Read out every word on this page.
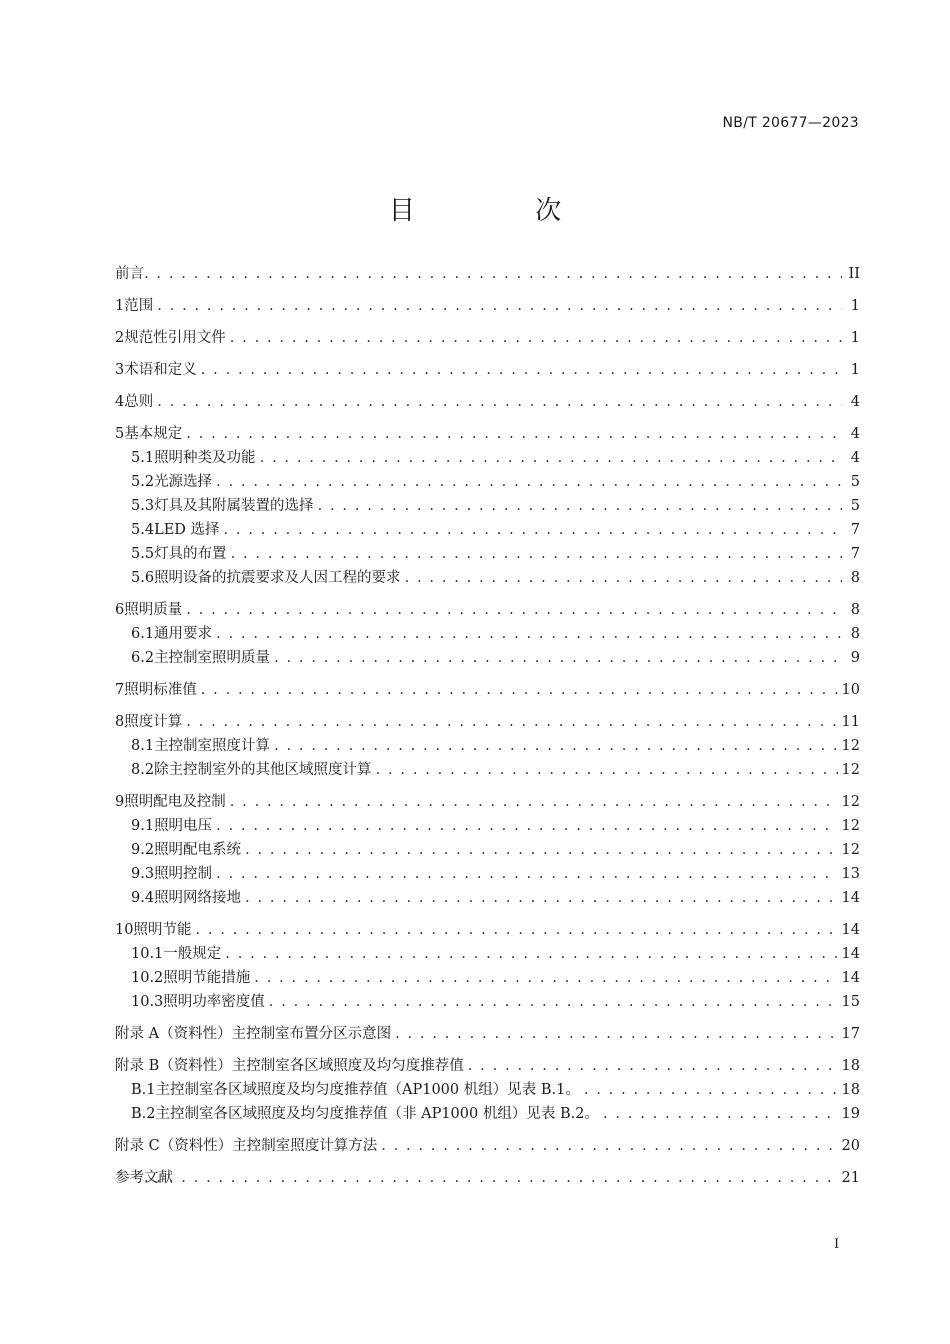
NB/T 20677—2023
目 次
前言 . . .	II
1 范围 . . .	1
2 规范性引用文件 . . .	1
3 术语和定义 . . .	1
4 总则 . . .	4
5 基本规定 . . .	4
5.1 照明种类及功能 . . .	4
5.2 光源选择 . . .	5
5.3 灯具及其附属装置的选择 . . .	5
5.4 LED 选择 . . .	7
5.5 灯具的布置 . . .	7
5.6 照明设备的抗震要求及人因工程的要求 . . .	8
6 照明质量 . . .	8
6.1 通用要求 . . .	8
6.2 主控制室照明质量 . . .	9
7 照明标准值 . . .	10
8 照度计算 . . .	11
8.1 主控制室照度计算 . . .	12
8.2 除主控制室外的其他区域照度计算 . . .	12
9 照明配电及控制 . . .	12
9.1 照明电压 . . .	12
9.2 照明配电系统 . . .	12
9.3 照明控制 . . .	13
9.4 照明网络接地 . . .	14
10 照明节能 . . .	14
10.1 一般规定 . . .	14
10.2 照明节能措施 . . .	14
10.3 照明功率密度值 . . .	15
附录 A（资料性） 主控制室布置分区示意图 . . .	17
附录 B（资料性） 主控制室各区域照度及均匀度推荐值 . . .	18
B.1 主控制室各区域照度及均匀度推荐值（AP1000 机组）见表 B.1。 . . .	18
B.2 主控制室各区域照度及均匀度推荐值（非 AP1000 机组）见表 B.2。 . . .	19
附录 C（资料性） 主控制室照度计算方法 . . .	20
参考文献 . . .	21
I
